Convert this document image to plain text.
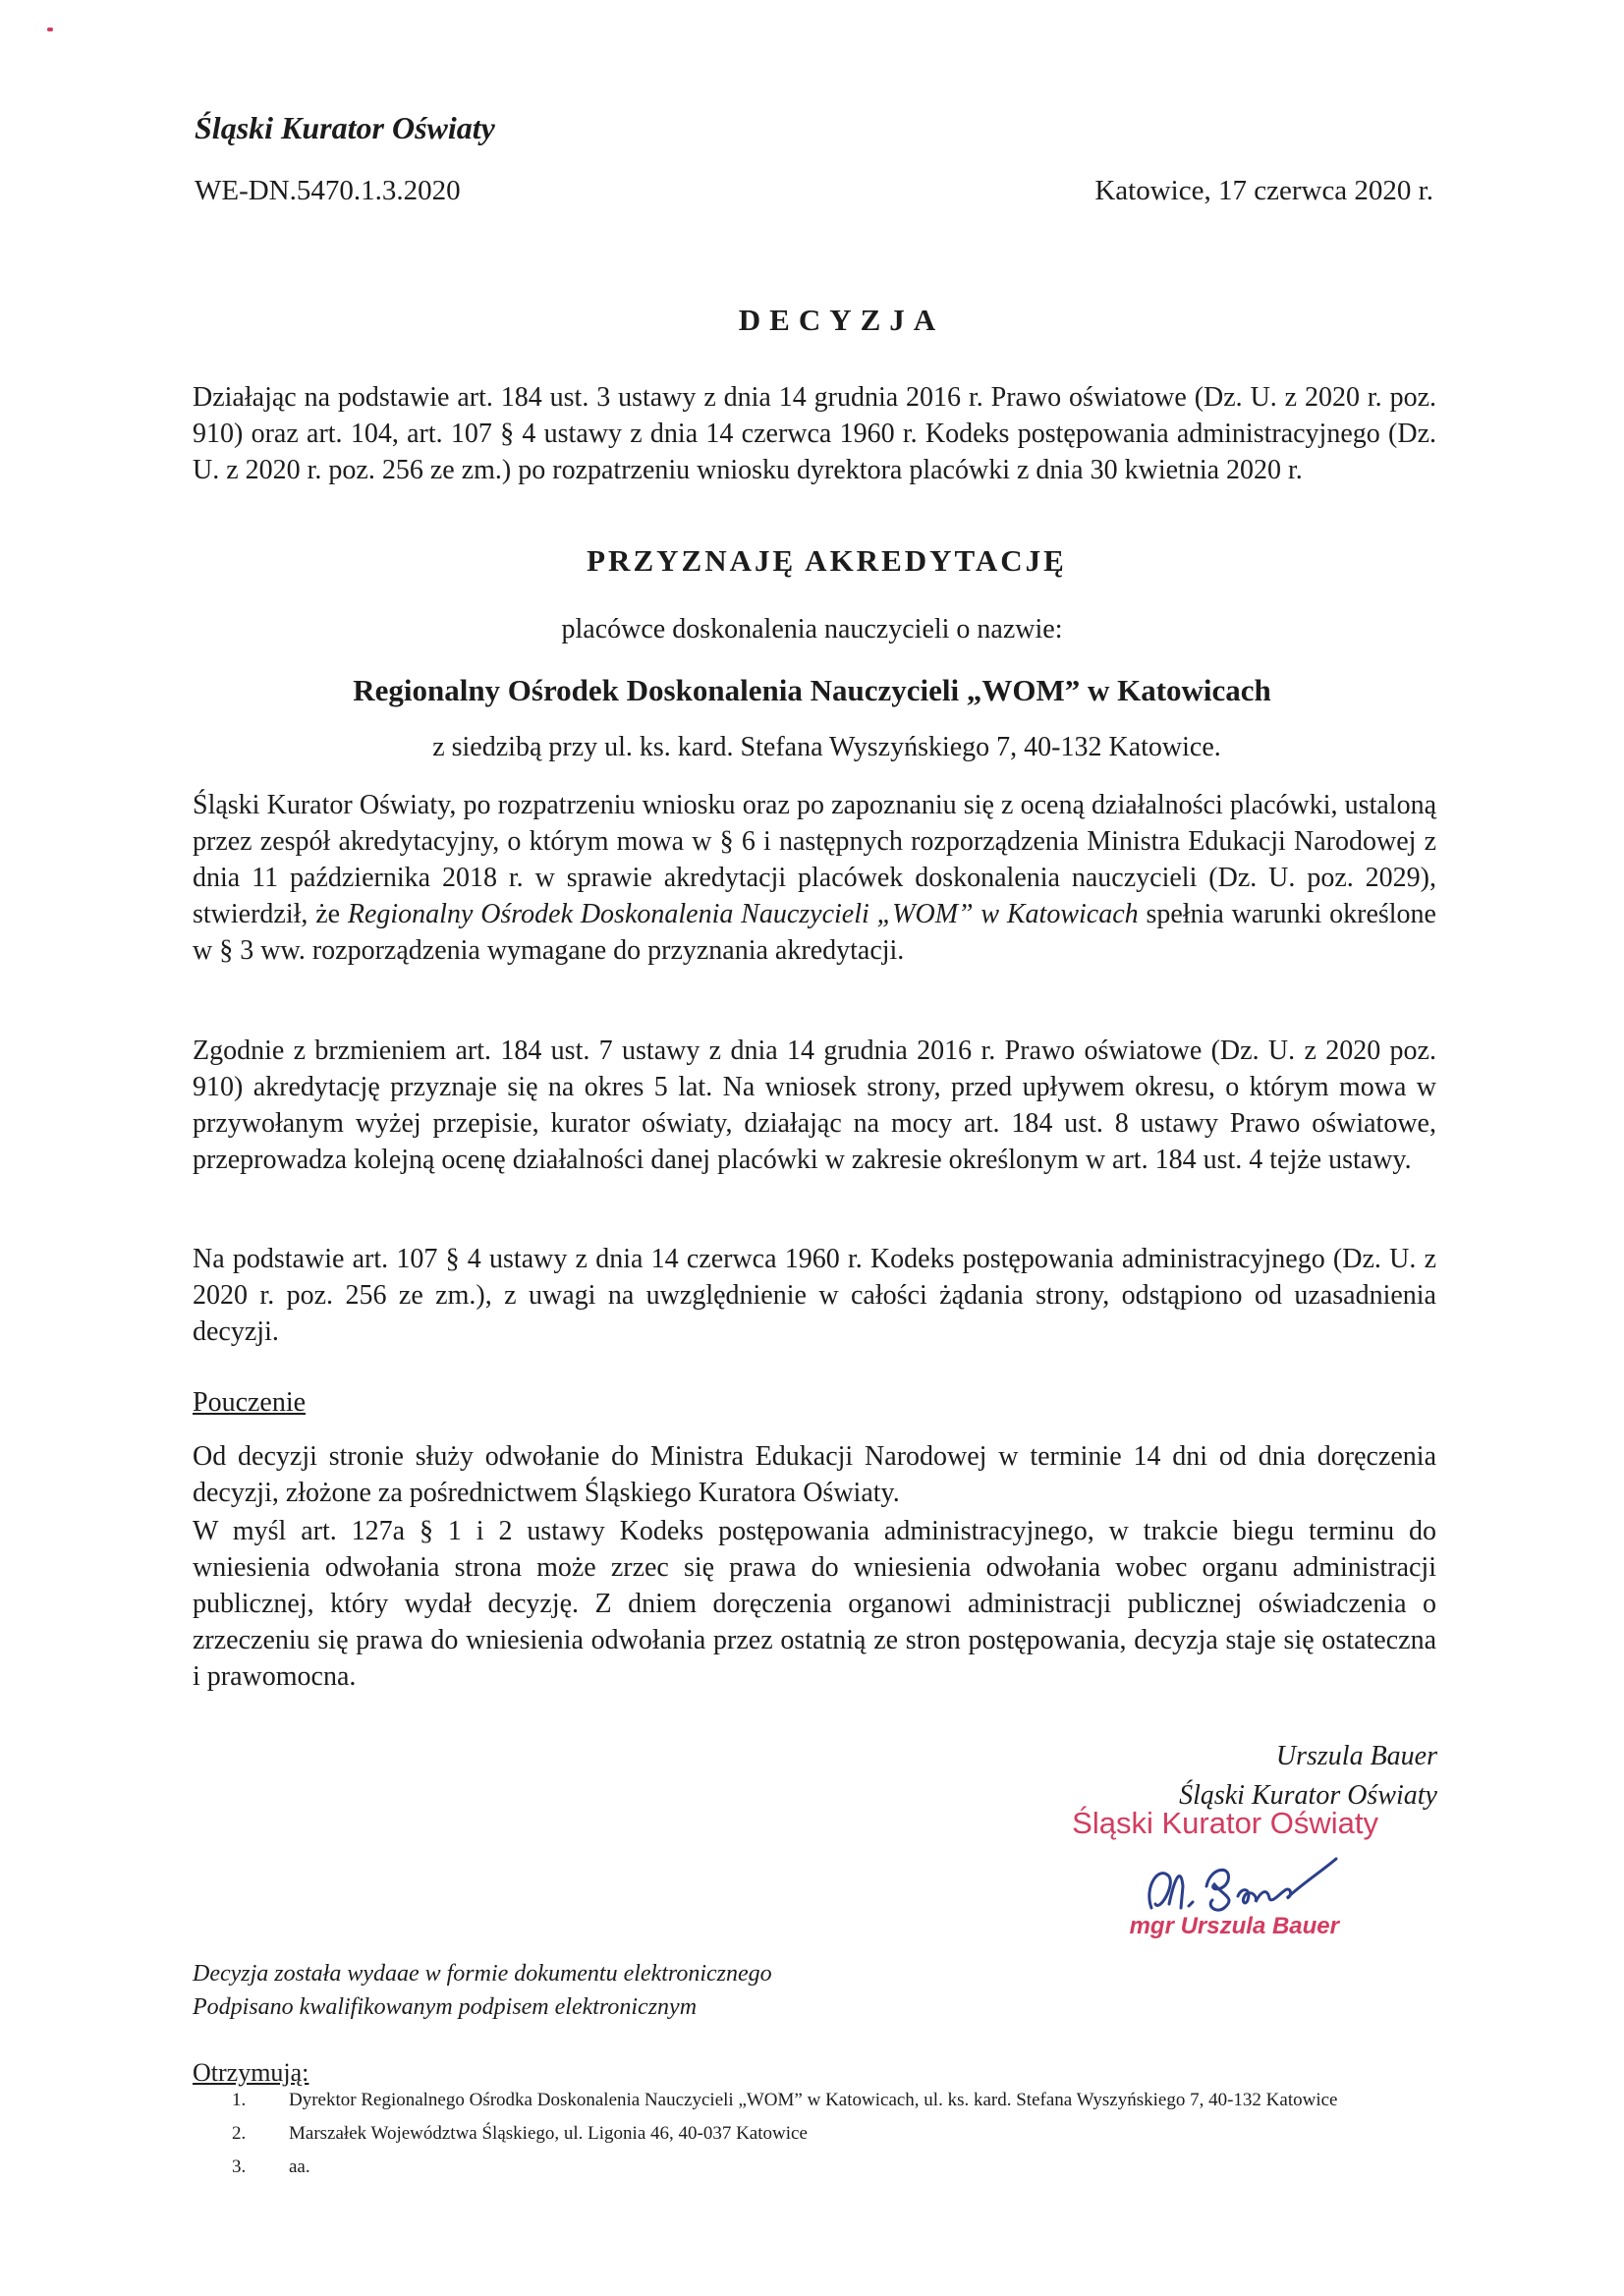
Śląski Kurator Oświaty
WE-DN.5470.1.3.2020	Katowice, 17 czerwca 2020 r.
DECYZJA
Działając na podstawie art. 184 ust. 3 ustawy z dnia 14 grudnia 2016 r. Prawo oświatowe (Dz. U. z 2020 r. poz. 910) oraz art. 104, art. 107 § 4 ustawy z dnia 14 czerwca 1960 r. Kodeks postępowania administracyjnego (Dz. U. z 2020 r. poz. 256 ze zm.) po rozpatrzeniu wniosku dyrektora placówki z dnia 30 kwietnia 2020 r.
PRZYZNAJĘ AKREDYTACJĘ
placówce doskonalenia nauczycieli o nazwie:
Regionalny Ośrodek Doskonalenia Nauczycieli „WOM” w Katowicach
z siedzibą przy ul. ks. kard. Stefana Wyszyńskiego 7, 40-132 Katowice.
Śląski Kurator Oświaty, po rozpatrzeniu wniosku oraz po zapoznaniu się z oceną działalności placówki, ustaloną przez zespół akredytacyjny, o którym mowa w § 6 i następnych rozporządzenia Ministra Edukacji Narodowej z dnia 11 października 2018 r. w sprawie akredytacji placówek doskonalenia nauczycieli (Dz. U. poz. 2029), stwierdził, że Regionalny Ośrodek Doskonalenia Nauczycieli „WOM” w Katowicach spełnia warunki określone w § 3 ww. rozporządzenia wymagane do przyznania akredytacji.
Zgodnie z brzmieniem art. 184 ust. 7 ustawy z dnia 14 grudnia 2016 r. Prawo oświatowe (Dz. U. z 2020 poz. 910) akredytację przyznaje się na okres 5 lat. Na wniosek strony, przed upływem okresu, o którym mowa w przywołanym wyżej przepisie, kurator oświaty, działając na mocy art. 184 ust. 8 ustawy Prawo oświatowe, przeprowadza kolejną ocenę działalności danej placówki w zakresie określonym w art. 184 ust. 4 tejże ustawy.
Na podstawie art. 107 § 4 ustawy z dnia 14 czerwca 1960 r. Kodeks postępowania administracyjnego (Dz. U. z 2020 r. poz. 256 ze zm.), z uwagi na uwzględnienie w całości żądania strony, odstąpiono od uzasadnienia decyzji.
Pouczenie
Od decyzji stronie służy odwołanie do Ministra Edukacji Narodowej w terminie 14 dni od dnia doręczenia decyzji, złożone za pośrednictwem Śląskiego Kuratora Oświaty.
W myśl art. 127a § 1 i 2 ustawy Kodeks postępowania administracyjnego, w trakcie biegu terminu do wniesienia odwołania strona może zrzec się prawa do wniesienia odwołania wobec organu administracji publicznej, który wydał decyzję. Z dniem doręczenia organowi administracji publicznej oświadczenia o zrzeczeniu się prawa do wniesienia odwołania przez ostatnią ze stron postępowania, decyzja staje się ostateczna i prawomocna.
Urszula Bauer
Śląski Kurator Oświaty
Śląski Kurator Oświaty
mgr Urszula Bauer
Decyzja została wydaae w formie dokumentu elektronicznego
Podpisano kwalifikowanym podpisem elektronicznym
Otrzymują:
1. Dyrektor Regionalnego Ośrodka Doskonalenia Nauczycieli „WOM” w Katowicach, ul. ks. kard. Stefana Wyszyńskiego 7, 40-132 Katowice
2. Marszałek Województwa Śląskiego, ul. Ligonia 46, 40-037 Katowice
3. aa.
